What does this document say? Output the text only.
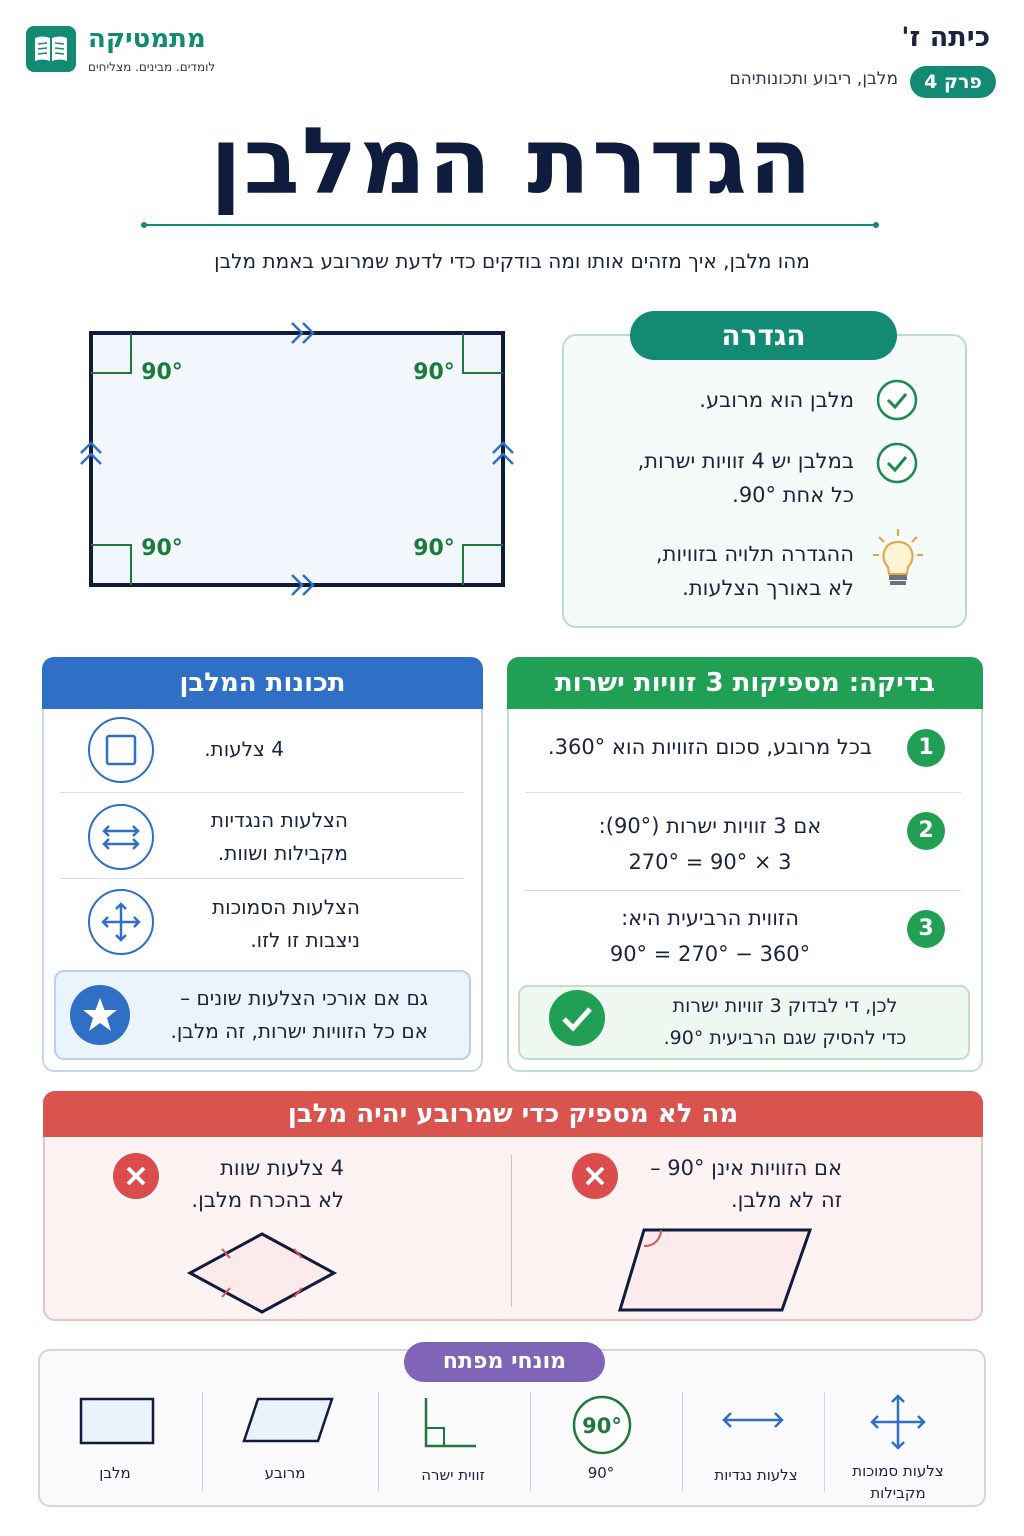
מתמטיקה
לומדים. מבינים. מצליחים
כיתה ז'
פרק 4
מלבן, ריבוע ותכונותיהם
הגדרת המלבן
מהו מלבן, איך מזהים אותו ומה בודקים כדי לדעת שמרובע באמת מלבן
90°	90°
90°	90°
הגדרה
מלבן הוא מרובע.
במלבן יש 4 זוויות ישרות,
כל אחת 90°.
ההגדרה תלויה בזוויות,
לא באורך הצלעות.
תכונות המלבן
4 צלעות.
הצלעות הנגדיות
מקבילות ושוות.
הצלעות הסמוכות
ניצבות זו לזו.
גם אם אורכי הצלעות שונים –
אם כל הזוויות ישרות, זה מלבן.
בדיקה: מספיקות 3 זוויות ישרות
1
בכל מרובע, סכום הזוויות הוא 360°.
2
אם 3 זוויות ישרות (90°):
3 × 90° = 270°
3
הזווית הרביעית היא:
360° − 270° = 90°
לכן, די לבדוק 3 זוויות ישרות
כדי להסיק שגם הרביעית 90°.
מה לא מספיק כדי שמרובע יהיה מלבן
אם הזוויות אינן 90° –
זה לא מלבן.
4 צלעות שוות
לא בהכרח מלבן.
מונחי מפתח
מלבן	מרובע	זווית ישרה
90°
90°	צלעות נגדיות	צלעות סמוכות
מקבילות
